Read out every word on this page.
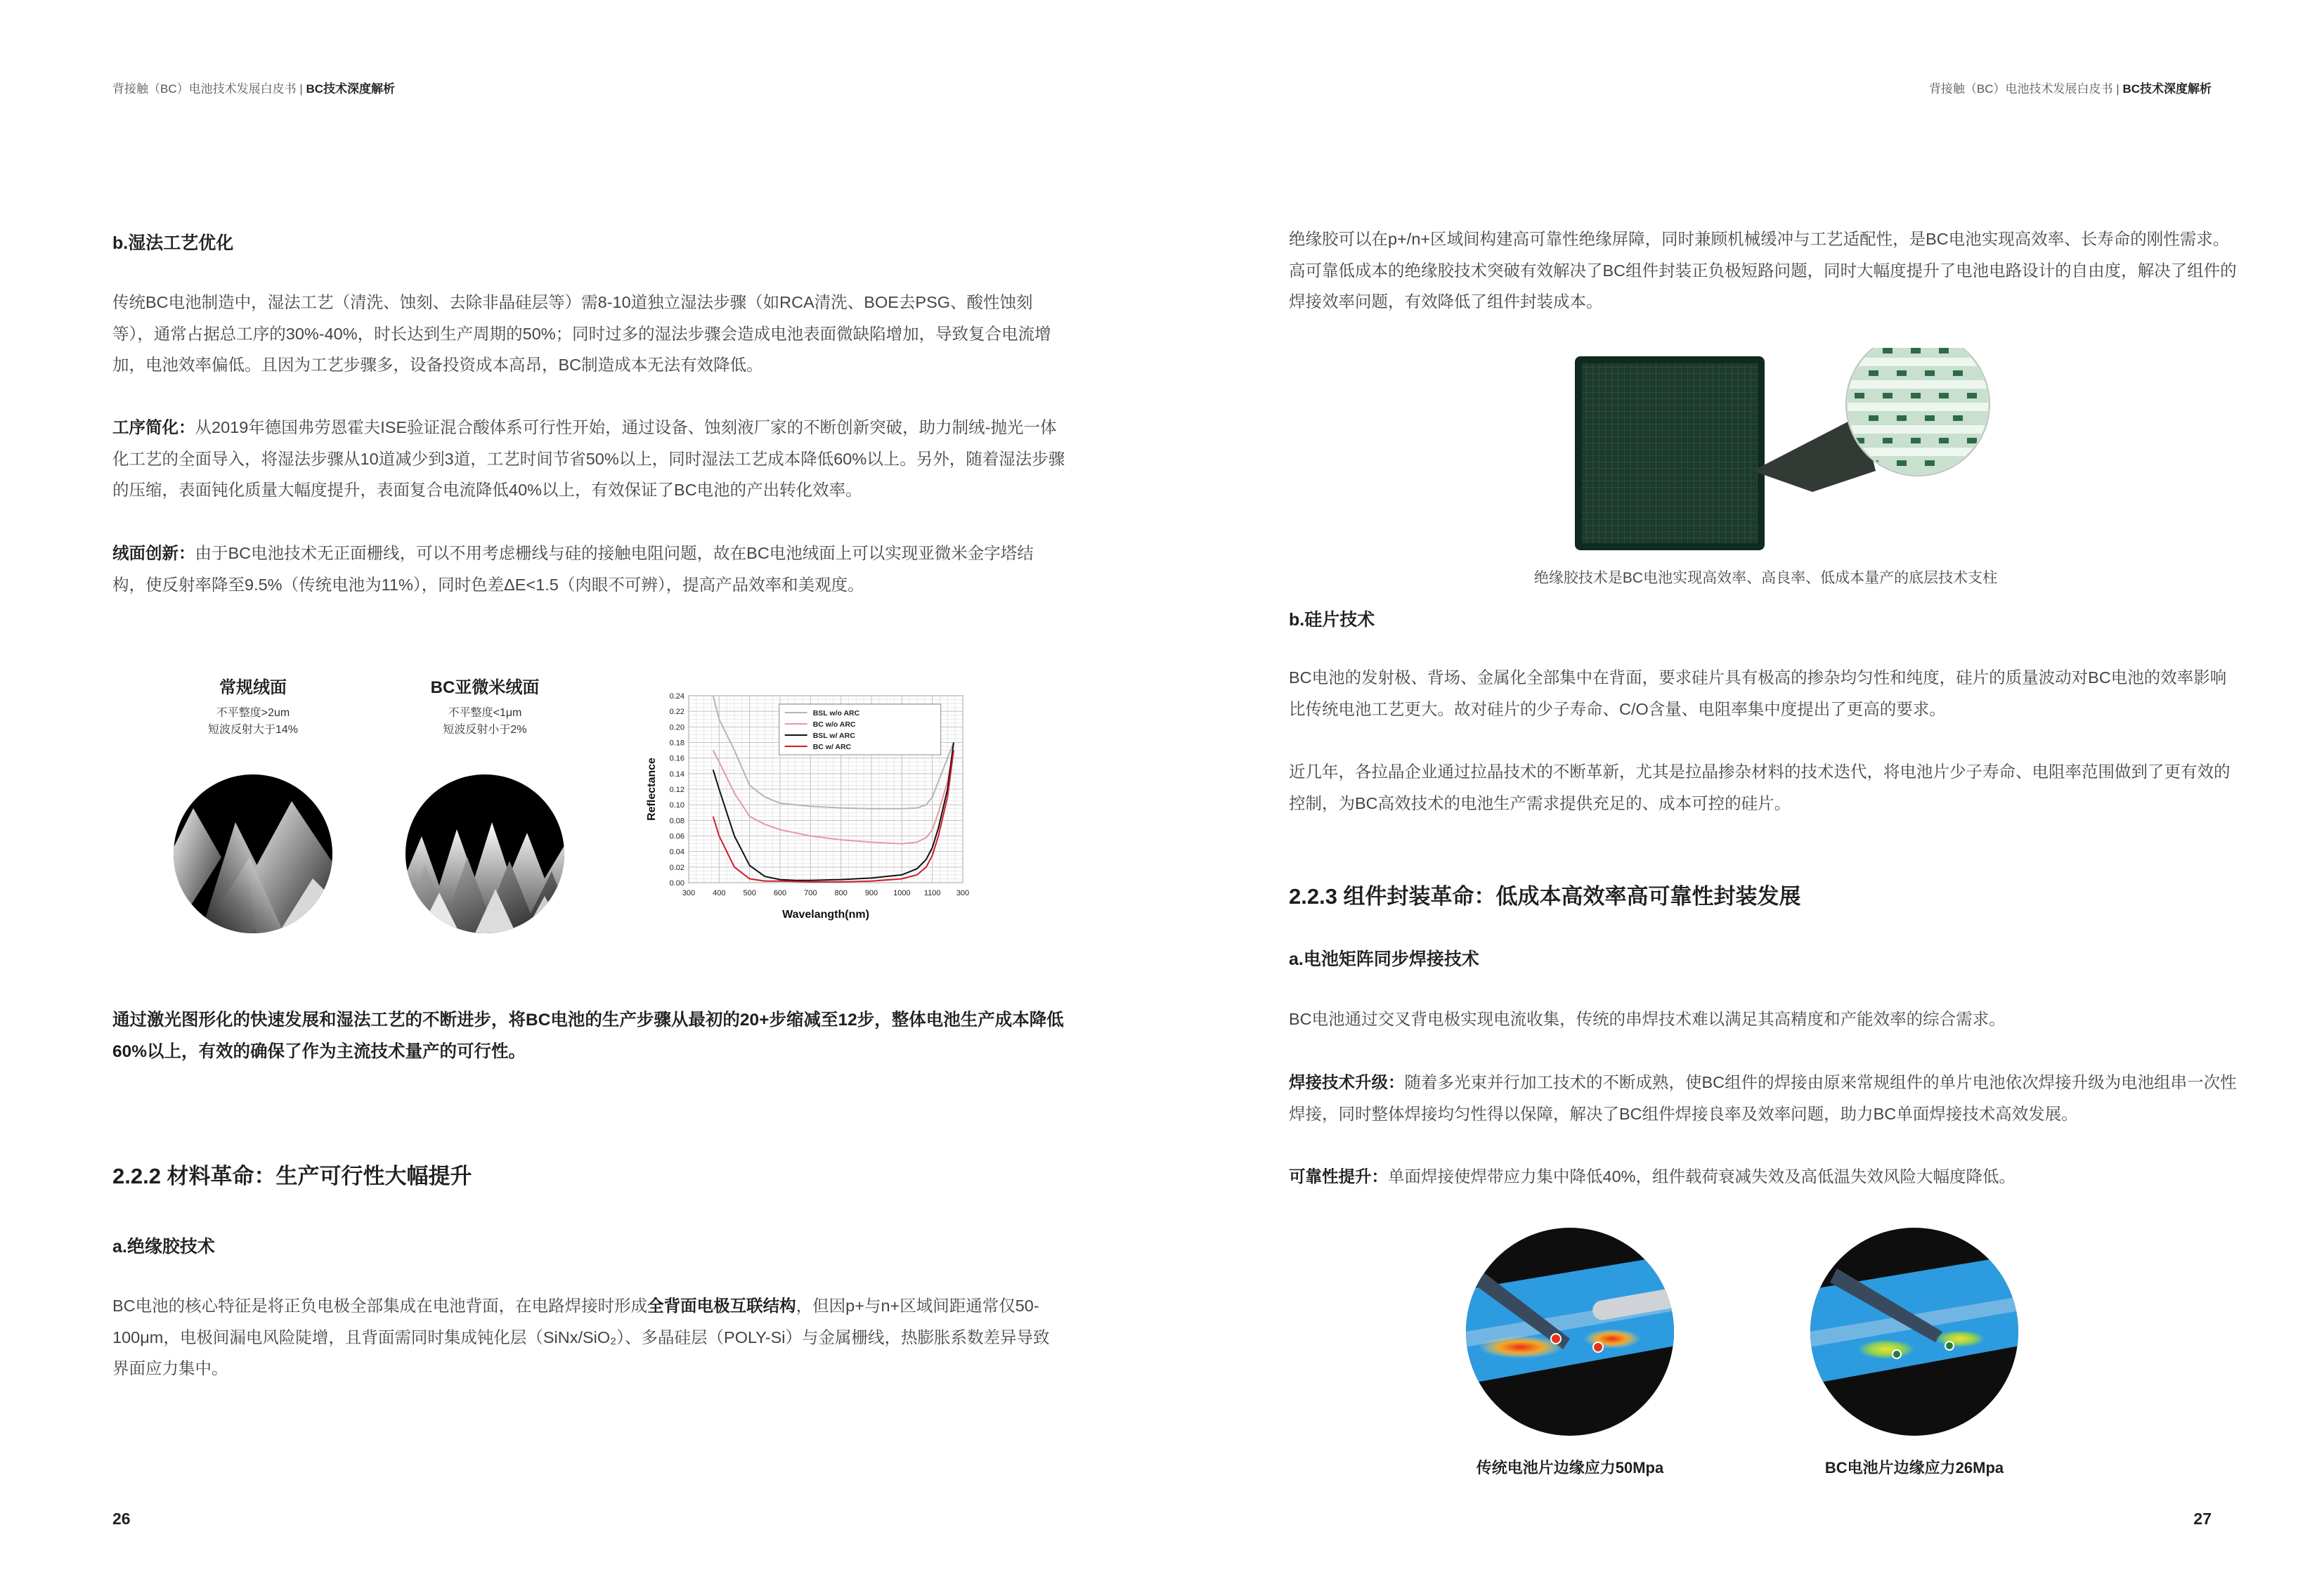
背接触（BC）电池技术发展白皮书 | BC技术深度解析
b.湿法工艺优化
传统BC电池制造中，湿法工艺（清洗、蚀刻、去除非晶硅层等）需8-10道独立湿法步骤（如RCA清洗、BOE去PSG、酸性蚀刻等），通常占据总工序的30%-40%，时长达到生产周期的50%；同时过多的湿法步骤会造成电池表面微缺陷增加，导致复合电流增加，电池效率偏低。且因为工艺步骤多，设备投资成本高昂，BC制造成本无法有效降低。
工序简化：从2019年德国弗劳恩霍夫ISE验证混合酸体系可行性开始，通过设备、蚀刻液厂家的不断创新突破，助力制绒-抛光一体化工艺的全面导入，将湿法步骤从10道减少到3道，工艺时间节省50%以上，同时湿法工艺成本降低60%以上。另外，随着湿法步骤的压缩，表面钝化质量大幅度提升，表面复合电流降低40%以上，有效保证了BC电池的产出转化效率。
绒面创新：由于BC电池技术无正面栅线，可以不用考虑栅线与硅的接触电阻问题，故在BC电池绒面上可以实现亚微米金字塔结构，使反射率降至9.5%（传统电池为11%），同时色差ΔE<1.5（肉眼不可辨），提高产品效率和美观度。
常规绒面
不平整度>2um
短波反射大于14%
BC亚微米绒面
不平整度<1μm
短波反射小于2%
300 400 500 600 700 800 900 1000 1100 300
0.00
0.02
0.04
0.06
0.08
0.10
0.12
0.14
0.16
0.18
0.20
0.22
0.24
Wavelangth(nm)
Reflectance
BSL w/o ARC
BC w/o ARC
BSL w/ ARC
BC w/ ARC
通过激光图形化的快速发展和湿法工艺的不断进步，将BC电池的生产步骤从最初的20+步缩减至12步，整体电池生产成本降低60%以上，有效的确保了作为主流技术量产的可行性。
2.2.2 材料革命：生产可行性大幅提升
a.绝缘胶技术
BC电池的核心特征是将正负电极全部集成在电池背面，在电路焊接时形成全背面电极互联结构，但因p+与n+区域间距通常仅50-100μm，电极间漏电风险陡增，且背面需同时集成钝化层（SiNx/SiO₂）、多晶硅层（POLY-Si）与金属栅线，热膨胀系数差异导致界面应力集中。
26
背接触（BC）电池技术发展白皮书 | BC技术深度解析
绝缘胶可以在p+/n+区域间构建高可靠性绝缘屏障，同时兼顾机械缓冲与工艺适配性，是BC电池实现高效率、长寿命的刚性需求。高可靠低成本的绝缘胶技术突破有效解决了BC组件封装正负极短路问题，同时大幅度提升了电池电路设计的自由度，解决了组件的焊接效率问题，有效降低了组件封装成本。
绝缘胶技术是BC电池实现高效率、高良率、低成本量产的底层技术支柱
b.硅片技术
BC电池的发射极、背场、金属化全部集中在背面，要求硅片具有极高的掺杂均匀性和纯度，硅片的质量波动对BC电池的效率影响比传统电池工艺更大。故对硅片的少子寿命、C/O含量、电阻率集中度提出了更高的要求。
近几年，各拉晶企业通过拉晶技术的不断革新，尤其是拉晶掺杂材料的技术迭代，将电池片少子寿命、电阻率范围做到了更有效的控制，为BC高效技术的电池生产需求提供充足的、成本可控的硅片。
2.2.3 组件封装革命：低成本高效率高可靠性封装发展
a.电池矩阵同步焊接技术
BC电池通过交叉背电极实现电流收集，传统的串焊技术难以满足其高精度和产能效率的综合需求。
焊接技术升级：随着多光束并行加工技术的不断成熟，使BC组件的焊接由原来常规组件的单片电池依次焊接升级为电池组串一次性焊接，同时整体焊接均匀性得以保障，解决了BC组件焊接良率及效率问题，助力BC单面焊接技术高效发展。
可靠性提升：单面焊接使焊带应力集中降低40%，组件载荷衰减失效及高低温失效风险大幅度降低。
传统电池片边缘应力50Mpa	BC电池片边缘应力26Mpa
27
